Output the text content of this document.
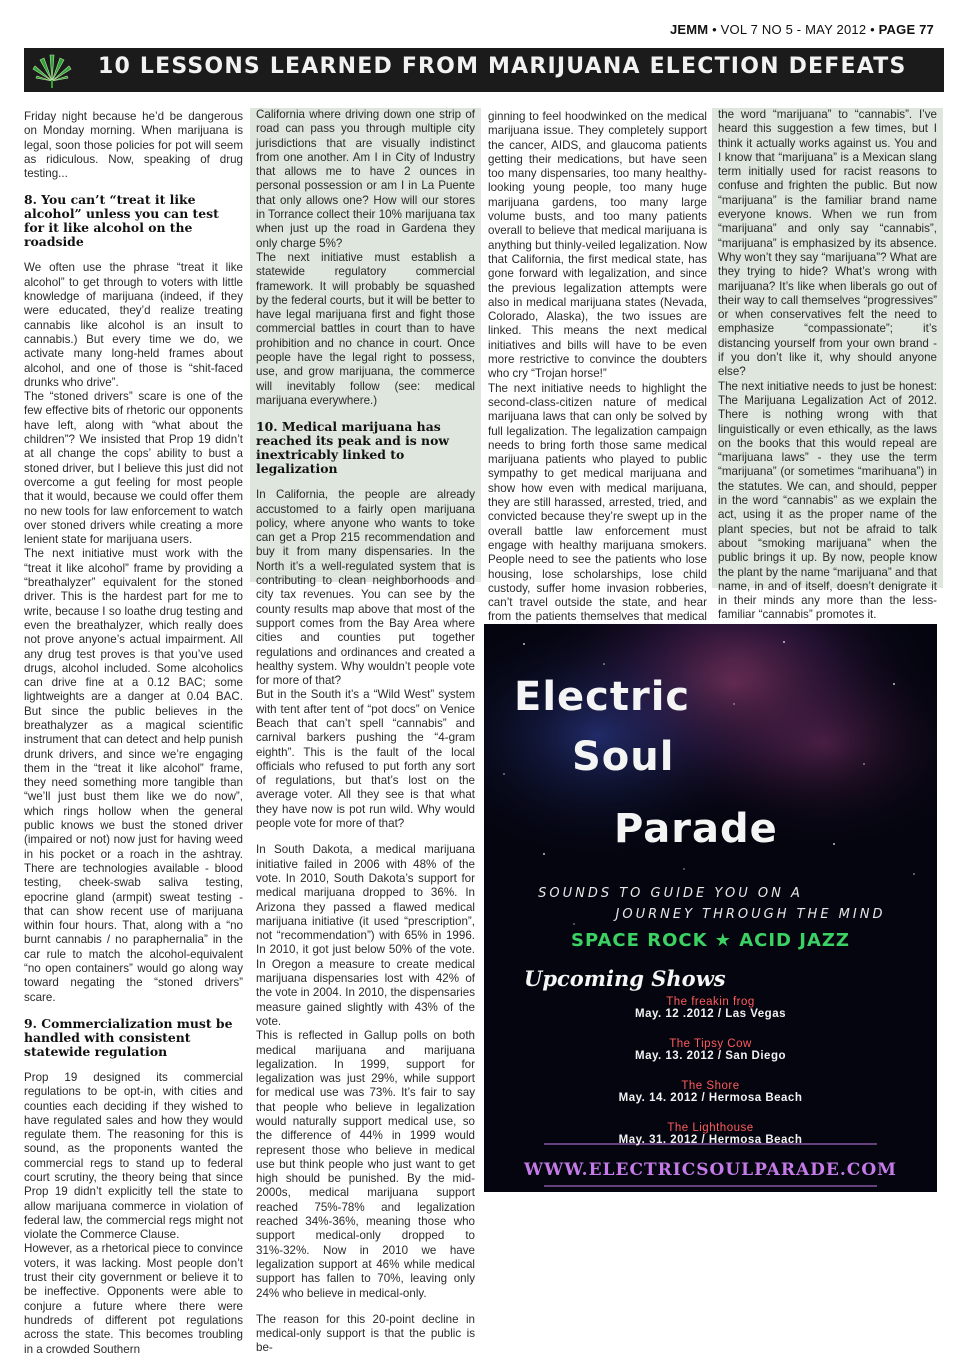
JEMM • VOL 7 NO 5 - MAY 2012 • PAGE 77
10 LESSONS LEARNED FROM MARIJUANA ELECTION DEFEATS

Friday night because he’d be dangerous on Monday morning. When marijuana is legal, soon those policies for pot will seem as ridiculous. Now, speaking of drug testing...

8. You can’t “treat it like alcohol” unless you can test for it like alcohol on the roadside

We often use the phrase “treat it like alcohol” to get through to voters with little knowledge of marijuana (indeed, if they were educated, they’d realize treating cannabis like alcohol is an insult to cannabis.) But every time we do, we activate many long-held frames about alcohol, and one of those is “shit-faced drunks who drive”.

The “stoned drivers” scare is one of the few effective bits of rhetoric our opponents have left, along with “what about the children”? We insisted that Prop 19 didn’t at all change the cops’ ability to bust a stoned driver, but I believe this just did not overcome a gut feeling for most people that it would, because we could offer them no new tools for law enforcement to watch over stoned drivers while creating a more lenient state for marijuana users.

The next initiative must work with the “treat it like alcohol” frame by providing a “breathalyzer” equivalent for the stoned driver. This is the hardest part for me to write, because I so loathe drug testing and even the breathalyzer, which really does not prove anyone’s actual impairment. All any drug test proves is that you’ve used drugs, alcohol included. Some alcoholics can drive fine at a 0.12 BAC; some lightweights are a danger at 0.04 BAC. But since the public believes in the breathalyzer as a magical scientific instrument that can detect and help punish drunk drivers, and since we’re engaging them in the “treat it like alcohol” frame, they need something more tangible than “we’ll just bust them like we do now”, which rings hollow when the general public knows we bust the stoned driver (impaired or not) now just for having weed in his pocket or a roach in the ashtray. There are technologies available - blood testing, cheek-swab saliva testing, epocrine gland (armpit) sweat testing - that can show recent use of marijuana within four hours. That, along with a “no burnt cannabis / no paraphernalia” in the car rule to match the alcohol-equivalent “no open containers” would go along way toward negating the “stoned drivers” scare.

9. Commercialization must be handled with consistent statewide regulation

Prop 19 designed its commercial regulations to be opt-in, with cities and counties each deciding if they wished to have regulated sales and how they would regulate them. The reasoning for this is sound, as the proponents wanted the commercial regs to stand up to federal court scrutiny, the theory being that since Prop 19 didn’t explicitly tell the state to allow marijuana commerce in violation of federal law, the commercial regs might not violate the Commerce Clause.

However, as a rhetorical piece to convince voters, it was lacking. Most people don’t trust their city government or believe it to be ineffective. Opponents were able to conjure a future where there were hundreds of different pot regulations across the state. This becomes troubling in a crowded Southern

California where driving down one strip of road can pass you through multiple city jurisdictions that are visually indistinct from one another. Am I in City of Industry that allows me to have 2 ounces in personal possession or am I in La Puente that only allows one? How will our stores in Torrance collect their 10% marijuana tax when just up the road in Gardena they only charge 5%?

The next initiative must establish a statewide regulatory commercial framework. It will probably be squashed by the federal courts, but it will be better to have legal marijuana first and fight those commercial battles in court than to have prohibition and no chance in court. Once people have the legal right to possess, use, and grow marijuana, the commerce will inevitably follow (see: medical marijuana everywhere.)

10. Medical marijuana has reached its peak and is now inextricably linked to legalization

In California, the people are already accustomed to a fairly open marijuana policy, where anyone who wants to toke can get a Prop 215 recommendation and buy it from many dispensaries. In the North it’s a well-regulated system that is contributing to clean neighborhoods and city tax revenues. You can see by the county results map above that most of the support comes from the Bay Area where cities and counties put together regulations and ordinances and created a healthy system. Why wouldn’t people vote for more of that?

But in the South it’s a “Wild West” system with tent after tent of “pot docs” on Venice Beach that can’t spell “cannabis” and carnival barkers pushing the “4-gram eighth”. This is the fault of the local officials who refused to put forth any sort of regulations, but that’s lost on the average voter. All they see is that what they have now is pot run wild. Why would people vote for more of that?

In South Dakota, a medical marijuana initiative failed in 2006 with 48% of the vote. In 2010, South Dakota’s support for medical marijuana dropped to 36%. In Arizona they passed a flawed medical marijuana initiative (it used “prescription”, not “recommendation”) with 65% in 1996. In 2010, it got just below 50% of the vote. In Oregon a measure to create medical marijuana dispensaries lost with 42% of the vote in 2004. In 2010, the dispensaries measure gained slightly with 43% of the vote.

This is reflected in Gallup polls on both medical marijuana and marijuana legalization. In 1999, support for legalization was just 29%, while support for medical use was 73%. It’s fair to say that people who believe in legalization would naturally support medical use, so the difference of 44% in 1999 would represent those who believe in medical use but think people who just want to get high should be punished. By the mid-2000s, medical marijuana support reached 75%-78% and legalization reached 34%-36%, meaning those who support medical-only dropped to 31%-32%. Now in 2010 we have legalization support at 46% while medical support has fallen to 70%, leaving only 24% who believe in medical-only.

The reason for this 20-point decline in medical-only support is that the public is be-

ginning to feel hoodwinked on the medical marijuana issue. They completely support the cancer, AIDS, and glaucoma patients getting their medications, but have seen too many dispensaries, too many healthy-looking young people, too many huge marijuana gardens, too many large volume busts, and too many patients overall to believe that medical marijuana is anything but thinly-veiled legalization. Now that California, the first medical state, has gone forward with legalization, and since the previous legalization attempts were also in medical marijuana states (Nevada, Colorado, Alaska), the two issues are linked. This means the next medical initiatives and bills will have to be even more restrictive to convince the doubters who cry “Trojan horse!”

The next initiative needs to highlight the second-class-citizen nature of medical marijuana laws that can only be solved by full legalization. The legalization campaign needs to bring forth those same medical marijuana patients who played to public sympathy to get medical marijuana and show how even with medical marijuana, they are still harassed, arrested, tried, and convicted because they’re swept up in the overall battle law enforcement must engage with healthy marijuana smokers. People need to see the patients who lose housing, lose scholarships, lose child custody, suffer home invasion robberies, can’t travel outside the state, and hear from the patients themselves that medical

the word “marijuana” to “cannabis”. I’ve heard this suggestion a few times, but I think it actually works against us. You and I know that “marijuana” is a Mexican slang term initially used for racist reasons to confuse and frighten the public. But now “marijuana” is the familiar brand name everyone knows. When we run from “marijuana” and only say “cannabis”, “marijuana” is emphasized by its absence. Why won’t they say “marijuana”? What are they trying to hide? What’s wrong with marijuana? It’s like when liberals go out of their way to call themselves “progressives” or when conservatives felt the need to emphasize “compassionate”; it’s distancing yourself from your own brand - if you don’t like it, why should anyone else?

The next initiative needs to just be honest: The Marijuana Legalization Act of 2012. There is nothing wrong with that linguistically or even ethically, as the laws on the books that this would repeal are “marijuana laws” - they use the term “marijuana” (or sometimes “marihuana”) in the statutes. We can, and should, pepper in the word “cannabis” as we explain the act, using it as the proper name of the plant species, but not be afraid to talk about “smoking marijuana” when the public brings it up. By now, people know the plant by the name “marijuana” and that name, in and of itself, doesn’t denigrate it in their minds any more than the less-familiar “cannabis” promotes it.

Electric
Soul
Parade
SOUNDS TO GUIDE YOU ON A
JOURNEY THROUGH THE MIND
SPACE ROCK ★ ACID JAZZ
Upcoming Shows
The freakin frog
May. 12 .2012 / Las Vegas
The Tipsy Cow
May. 13. 2012 / San Diego
The Shore
May. 14. 2012 / Hermosa Beach
The Lighthouse
May. 31. 2012 / Hermosa Beach
WWW.ELECTRICSOULPARADE.COM
